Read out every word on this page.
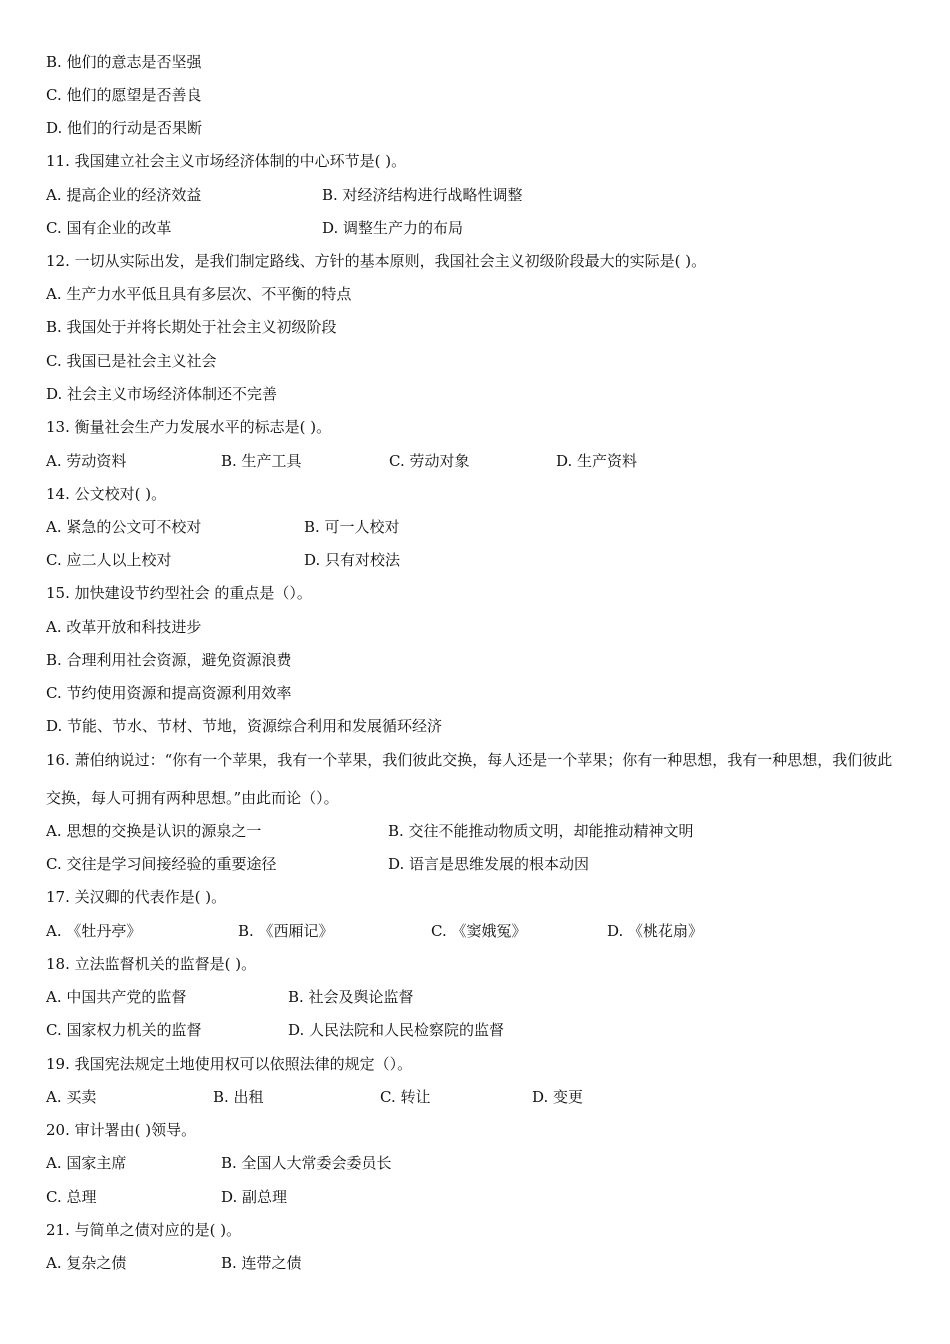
B. 他们的意志是否坚强
C. 他们的愿望是否善良
D. 他们的行动是否果断
11. 我国建立社会主义市场经济体制的中心环节是( )。
A. 提高企业的经济效益	B. 对经济结构进行战略性调整
C. 国有企业的改革	D. 调整生产力的布局
12. 一切从实际出发，是我们制定路线、方针的基本原则，我国社会主义初级阶段最大的实际是( )。
A. 生产力水平低且具有多层次、不平衡的特点
B. 我国处于并将长期处于社会主义初级阶段
C. 我国已是社会主义社会
D. 社会主义市场经济体制还不完善
13. 衡量社会生产力发展水平的标志是( )。
A. 劳动资料	B. 生产工具	C. 劳动对象	D. 生产资料
14. 公文校对( )。
A. 紧急的公文可不校对	B. 可一人校对
C. 应二人以上校对	D. 只有对校法
15. 加快建设节约型社会 的重点是（）。
A. 改革开放和科技进步
B. 合理利用社会资源，避免资源浪费
C. 节约使用资源和提高资源利用效率
D. 节能、节水、节材、节地，资源综合利用和发展循环经济
16. 萧伯纳说过：“你有一个苹果，我有一个苹果，我们彼此交换，每人还是一个苹果；你有一种思想，我有一种思想，我们彼此交换，每人可拥有两种思想。”由此而论（）。
A. 思想的交换是认识的源泉之一	B. 交往不能推动物质文明，却能推动精神文明
C. 交往是学习间接经验的重要途径	D. 语言是思维发展的根本动因
17. 关汉卿的代表作是( )。
A. 《牡丹亭》	B. 《西厢记》	C. 《窦娥冤》	D. 《桃花扇》
18. 立法监督机关的监督是( )。
A. 中国共产党的监督	B. 社会及舆论监督
C. 国家权力机关的监督	D. 人民法院和人民检察院的监督
19. 我国宪法规定土地使用权可以依照法律的规定（）。
A. 买卖	B. 出租	C. 转让	D. 变更
20. 审计署由( )领导。
A. 国家主席	B. 全国人大常委会委员长
C. 总理	D. 副总理
21. 与简单之债对应的是( )。
A. 复杂之债	B. 连带之债
